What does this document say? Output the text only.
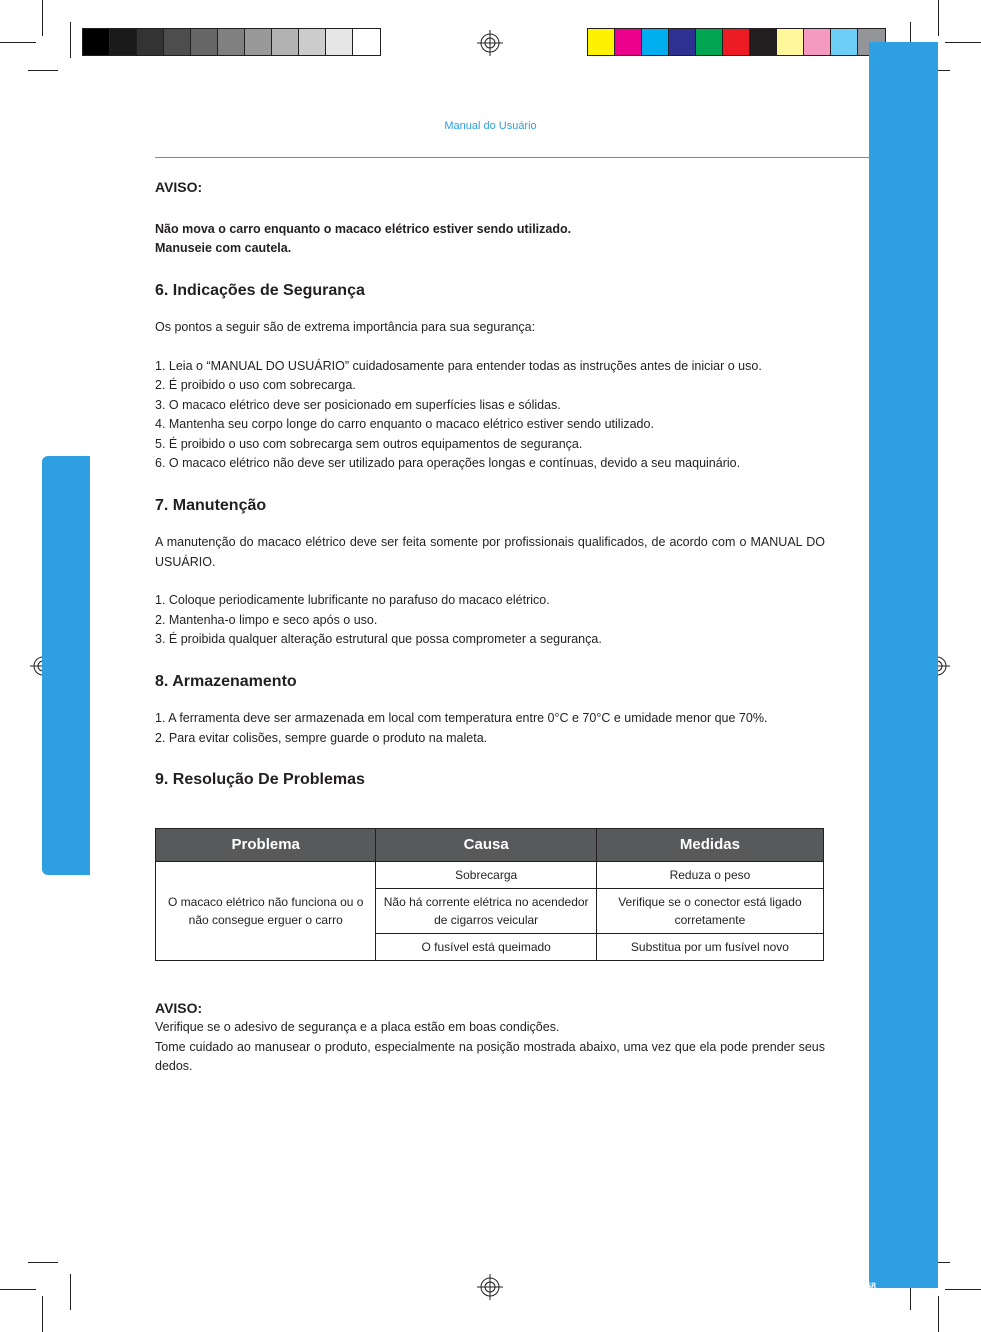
58
Manual do Usuário

AVISO:

Não mova o carro enquanto o macaco elétrico estiver sendo utilizado.

Manuseie com cautela.

6. Indicações de Segurança

Os pontos a seguir são de extrema importância para sua segurança:

1. Leia o “MANUAL DO USUÁRIO” cuidadosamente para entender todas as instruções antes de iniciar o uso.

2. É proibido o uso com sobrecarga.

3. O macaco elétrico deve ser posicionado em superfícies lisas e sólidas.

4. Mantenha seu corpo longe do carro enquanto o macaco elétrico estiver sendo utilizado.

5. É proibido o uso com sobrecarga sem outros equipamentos de segurança.

6. O macaco elétrico não deve ser utilizado para operações longas e contínuas, devido a seu maquinário.

7. Manutenção

A manutenção do macaco elétrico deve ser feita somente por profissionais qualificados, de acordo com o MANUAL DO USUÁRIO.

1. Coloque periodicamente lubrificante no parafuso do macaco elétrico.

2. Mantenha-o limpo e seco após o uso.

3. É proibida qualquer alteração estrutural que possa comprometer a segurança.

8. Armazenamento

1. A ferramenta deve ser armazenada em local com temperatura entre 0°C e 70°C e umidade menor que 70%.

2. Para evitar colisões, sempre guarde o produto na maleta.

9. Resolução De Problemas

Problema	Causa	Medidas
O macaco elétrico não funciona ou o não consegue erguer o carro	Sobrecarga	Reduza o peso
	Não há corrente elétrica no acendedor de cigarros veicular	Verifique se o conector está ligado corretamente
	O fusível está queimado	Substitua por um fusível novo

AVISO:

Verifique se o adesivo de segurança e a placa estão em boas condições.

Tome cuidado ao manusear o produto, especialmente na posição mostrada abaixo, uma vez que ela pode prender seus dedos.
